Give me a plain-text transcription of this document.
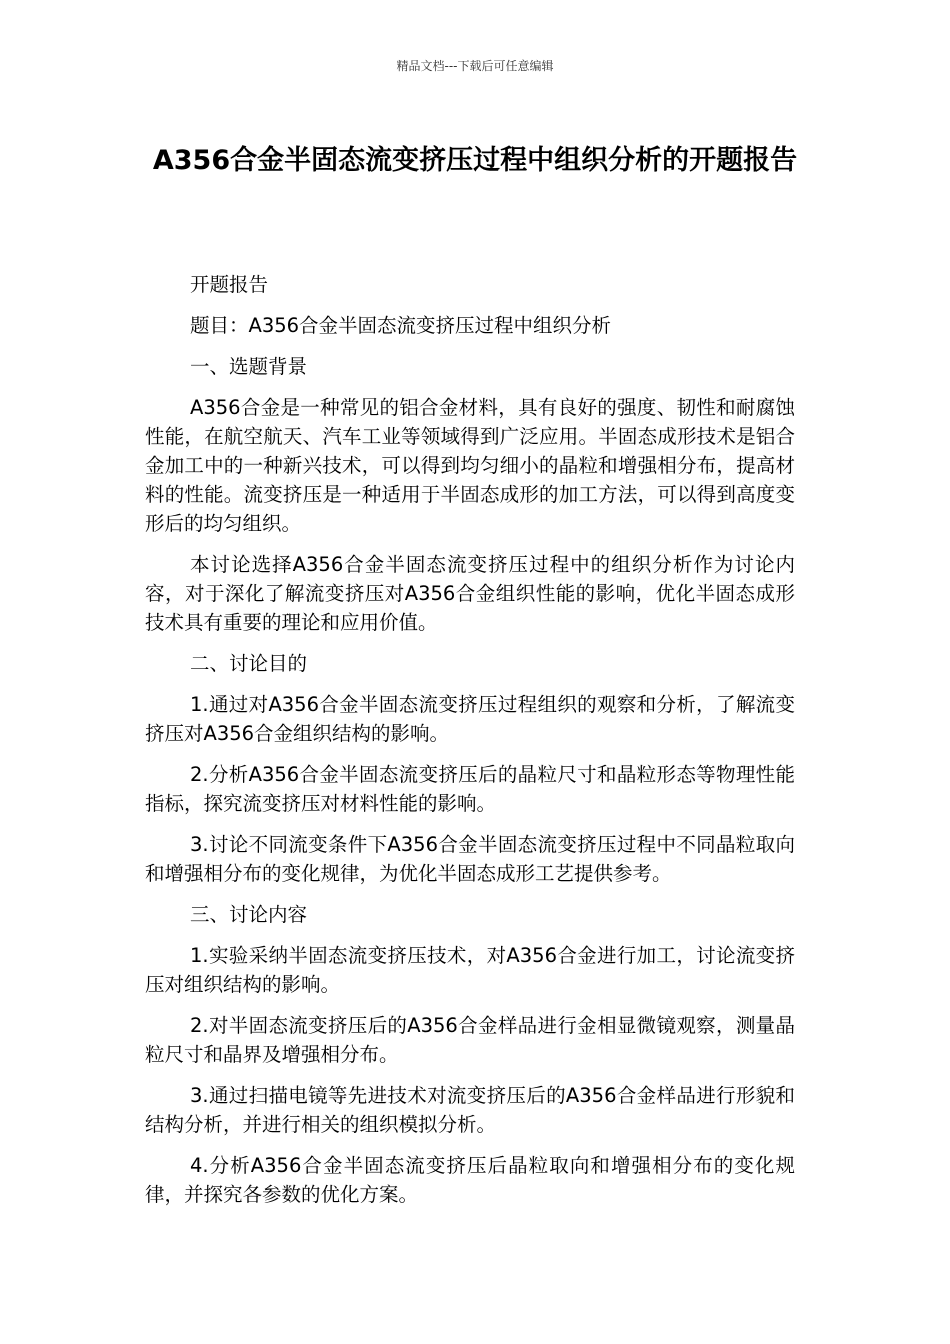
精品文档---下载后可任意编辑
A356合金半固态流变挤压过程中组织分析的开题报告

开题报告

题目：A356合金半固态流变挤压过程中组织分析

一、选题背景

A356合金是一种常见的铝合金材料，具有良好的强度、韧性和耐腐蚀性能，在航空航天、汽车工业等领域得到广泛应用。半固态成形技术是铝合金加工中的一种新兴技术，可以得到均匀细小的晶粒和增强相分布，提高材料的性能。流变挤压是一种适用于半固态成形的加工方法，可以得到高度变形后的均匀组织。

本讨论选择A356合金半固态流变挤压过程中的组织分析作为讨论内容，对于深化了解流变挤压对A356合金组织性能的影响，优化半固态成形技术具有重要的理论和应用价值。

二、讨论目的

1.通过对A356合金半固态流变挤压过程组织的观察和分析，了解流变挤压对A356合金组织结构的影响。

2.分析A356合金半固态流变挤压后的晶粒尺寸和晶粒形态等物理性能指标，探究流变挤压对材料性能的影响。

3.讨论不同流变条件下A356合金半固态流变挤压过程中不同晶粒取向和增强相分布的变化规律，为优化半固态成形工艺提供参考。

三、讨论内容

1.实验采纳半固态流变挤压技术，对A356合金进行加工，讨论流变挤压对组织结构的影响。

2.对半固态流变挤压后的A356合金样品进行金相显微镜观察，测量晶粒尺寸和晶界及增强相分布。

3.通过扫描电镜等先进技术对流变挤压后的A356合金样品进行形貌和结构分析，并进行相关的组织模拟分析。

4.分析A356合金半固态流变挤压后晶粒取向和增强相分布的变化规律，并探究各参数的优化方案。
